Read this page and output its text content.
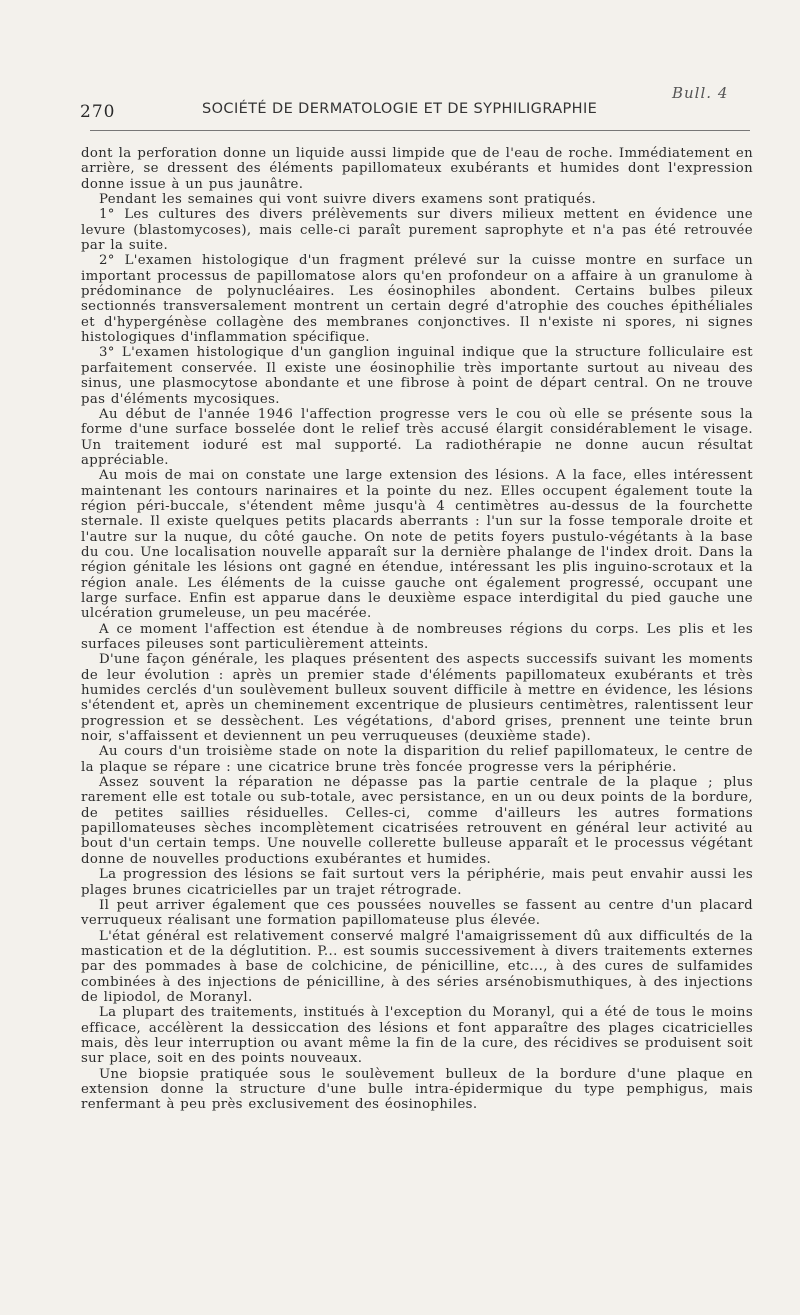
Bull. 4
270	SOCIÉTÉ DE DERMATOLOGIE ET DE SYPHILIGRAPHIE

dont la perforation donne un liquide aussi limpide que de l'eau de roche. Immédiatement en arrière, se dressent des éléments papillomateux exubérants et humides dont l'expression donne issue à un pus jaunâtre.

Pendant les semaines qui vont suivre divers examens sont pratiqués.

1° Les cultures des divers prélèvements sur divers milieux mettent en évidence une levure (blastomycoses), mais celle-ci paraît purement saprophyte et n'a pas été retrouvée par la suite.

2° L'examen histologique d'un fragment prélevé sur la cuisse montre en surface un important processus de papillomatose alors qu'en profondeur on a affaire à un granulome à prédominance de polynucléaires. Les éosinophiles abondent. Certains bulbes pileux sectionnés transversalement montrent un certain degré d'atrophie des couches épithéliales et d'hypergénèse collagène des membranes conjonctives. Il n'existe ni spores, ni signes histologiques d'inflammation spécifique.

3° L'examen histologique d'un ganglion inguinal indique que la structure folliculaire est parfaitement conservée. Il existe une éosinophilie très importante surtout au niveau des sinus, une plasmocytose abondante et une fibrose à point de départ central. On ne trouve pas d'éléments mycosiques.

Au début de l'année 1946 l'affection progresse vers le cou où elle se présente sous la forme d'une surface bosselée dont le relief très accusé élargit considérablement le visage. Un traitement ioduré est mal supporté. La radiothérapie ne donne aucun résultat appréciable.

Au mois de mai on constate une large extension des lésions. A la face, elles intéressent maintenant les contours narinaires et la pointe du nez. Elles occupent également toute la région péri-buccale, s'étendent même jusqu'à 4 centimètres au-dessus de la fourchette sternale. Il existe quelques petits placards aberrants : l'un sur la fosse temporale droite et l'autre sur la nuque, du côté gauche. On note de petits foyers pustulo-végétants à la base du cou. Une localisation nouvelle apparaît sur la dernière phalange de l'index droit. Dans la région génitale les lésions ont gagné en étendue, intéressant les plis inguino-scrotaux et la région anale. Les éléments de la cuisse gauche ont également progressé, occupant une large surface. Enfin est apparue dans le deuxième espace interdigital du pied gauche une ulcération grumeleuse, un peu macérée.

A ce moment l'affection est étendue à de nombreuses régions du corps. Les plis et les surfaces pileuses sont particulièrement atteints.

D'une façon générale, les plaques présentent des aspects successifs suivant les moments de leur évolution : après un premier stade d'éléments papillomateux exubérants et très humides cerclés d'un soulèvement bulleux souvent difficile à mettre en évidence, les lésions s'étendent et, après un cheminement excentrique de plusieurs centimètres, ralentissent leur progression et se dessèchent. Les végétations, d'abord grises, prennent une teinte brun noir, s'affaissent et deviennent un peu verruqueuses (deuxième stade).

Au cours d'un troisième stade on note la disparition du relief papillomateux, le centre de la plaque se répare : une cicatrice brune très foncée progresse vers la périphérie.

Assez souvent la réparation ne dépasse pas la partie centrale de la plaque ; plus rarement elle est totale ou sub-totale, avec persistance, en un ou deux points de la bordure, de petites saillies résiduelles. Celles-ci, comme d'ailleurs les autres formations papillomateuses sèches incomplètement cicatrisées retrouvent en général leur activité au bout d'un certain temps. Une nouvelle collerette bulleuse apparaît et le processus végétant donne de nouvelles productions exubérantes et humides.

La progression des lésions se fait surtout vers la périphérie, mais peut envahir aussi les plages brunes cicatricielles par un trajet rétrograde.

Il peut arriver également que ces poussées nouvelles se fassent au centre d'un placard verruqueux réalisant une formation papillomateuse plus élevée.

L'état général est relativement conservé malgré l'amaigrissement dû aux difficultés de la mastication et de la déglutition. P... est soumis successivement à divers traitements externes par des pommades à base de colchicine, de pénicilline, etc..., à des cures de sulfamides combinées à des injections de pénicilline, à des séries arsénobismuthiques, à des injections de lipiodol, de Moranyl.

La plupart des traitements, institués à l'exception du Moranyl, qui a été de tous le moins efficace, accélèrent la dessiccation des lésions et font apparaître des plages cicatricielles mais, dès leur interruption ou avant même la fin de la cure, des récidives se produisent soit sur place, soit en des points nouveaux.

Une biopsie pratiquée sous le soulèvement bulleux de la bordure d'une plaque en extension donne la structure d'une bulle intra-épidermique du type pemphigus, mais renfermant à peu près exclusivement des éosinophiles.
